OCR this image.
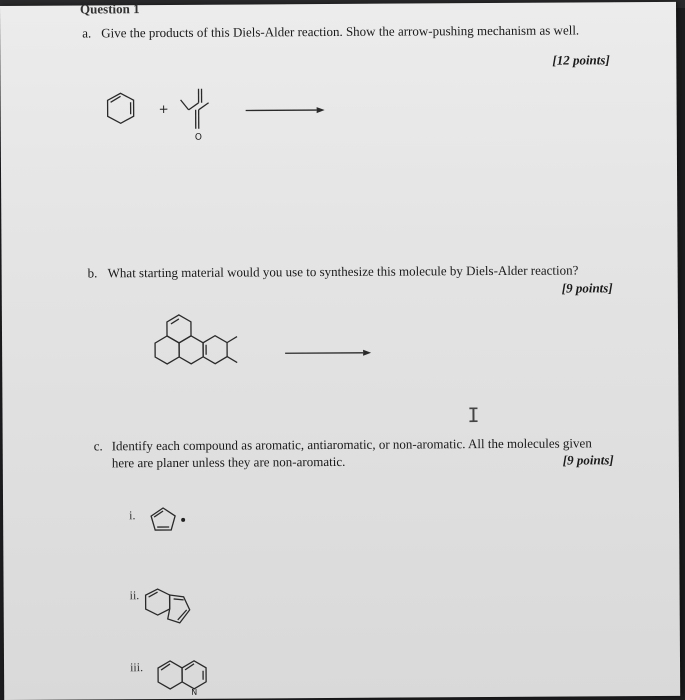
Question 1
a. Give the products of this Diels-Alder reaction. Show the arrow-pushing mechanism as well.
[12 points]
+
O
b. What starting material would you use to synthesize this molecule by Diels-Alder reaction?
[9 points]
I
c. Identify each compound as aromatic, antiaromatic, or non-aromatic. All the molecules given
here are planer unless they are non-aromatic.	[9 points]
i.
ii.
iii.
N
